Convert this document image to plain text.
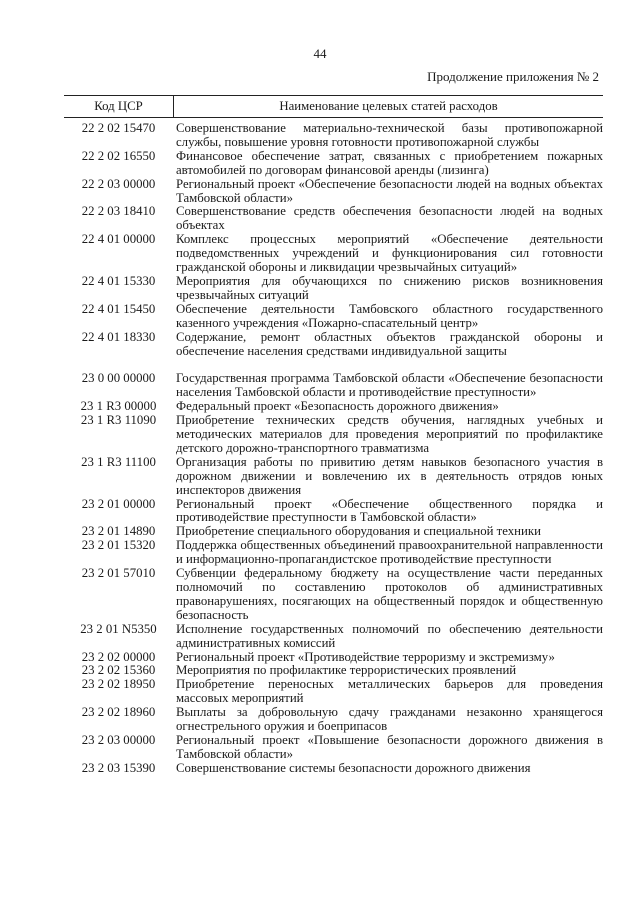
44
Продолжение приложения № 2
Код ЦСР	Наименование целевых статей расходов
22 2 02 15470	Совершенствование материально-технической базы противопожарной службы, повышение уровня готовности противопожарной службы
22 2 02 16550	Финансовое обеспечение затрат, связанных с приобретением пожарных автомобилей по договорам финансовой аренды (лизинга)
22 2 03 00000	Региональный проект «Обеспечение безопасности людей на водных объектах Тамбовской области»
22 2 03 18410	Совершенствование средств обеспечения безопасности людей на водных объектах
22 4 01 00000	Комплекс процессных мероприятий «Обеспечение деятельности подведомственных учреждений и функционирования сил готовности гражданской обороны и ликвидации чрезвычайных ситуаций»
22 4 01 15330	Мероприятия для обучающихся по снижению рисков возникновения чрезвычайных ситуаций
22 4 01 15450	Обеспечение деятельности Тамбовского областного государственного казенного учреждения «Пожарно-спасательный центр»
22 4 01 18330	Содержание, ремонт областных объектов гражданской обороны и обеспечение населения средствами индивидуальной защиты
23 0 00 00000	Государственная программа Тамбовской области «Обеспечение безопасности населения Тамбовской области и противодействие преступности»
23 1 R3 00000	Федеральный проект «Безопасность дорожного движения»
23 1 R3 11090	Приобретение технических средств обучения, наглядных учебных и методических материалов для проведения мероприятий по профилактике детского дорожно-транспортного травматизма
23 1 R3 11100	Организация работы по привитию детям навыков безопасного участия в дорожном движении и вовлечению их в деятельность отрядов юных инспекторов движения
23 2 01 00000	Региональный проект «Обеспечение общественного порядка и противодействие преступности в Тамбовской области»
23 2 01 14890	Приобретение специального оборудования и специальной техники
23 2 01 15320	Поддержка общественных объединений правоохранительной направленности и информационно-пропагандистское противодействие преступности
23 2 01 57010	Субвенции федеральному бюджету на осуществление части переданных полномочий по составлению протоколов об административных правонарушениях, посягающих на общественный порядок и общественную безопасность
23 2 01 N5350	Исполнение государственных полномочий по обеспечению деятельности административных комиссий
23 2 02 00000	Региональный проект «Противодействие терроризму и экстремизму»
23 2 02 15360	Мероприятия по профилактике террористических проявлений
23 2 02 18950	Приобретение переносных металлических барьеров для проведения массовых мероприятий
23 2 02 18960	Выплаты за добровольную сдачу гражданами незаконно хранящегося огнестрельного оружия и боеприпасов
23 2 03 00000	Региональный проект «Повышение безопасности дорожного движения в Тамбовской области»
23 2 03 15390	Совершенствование системы безопасности дорожного движения
